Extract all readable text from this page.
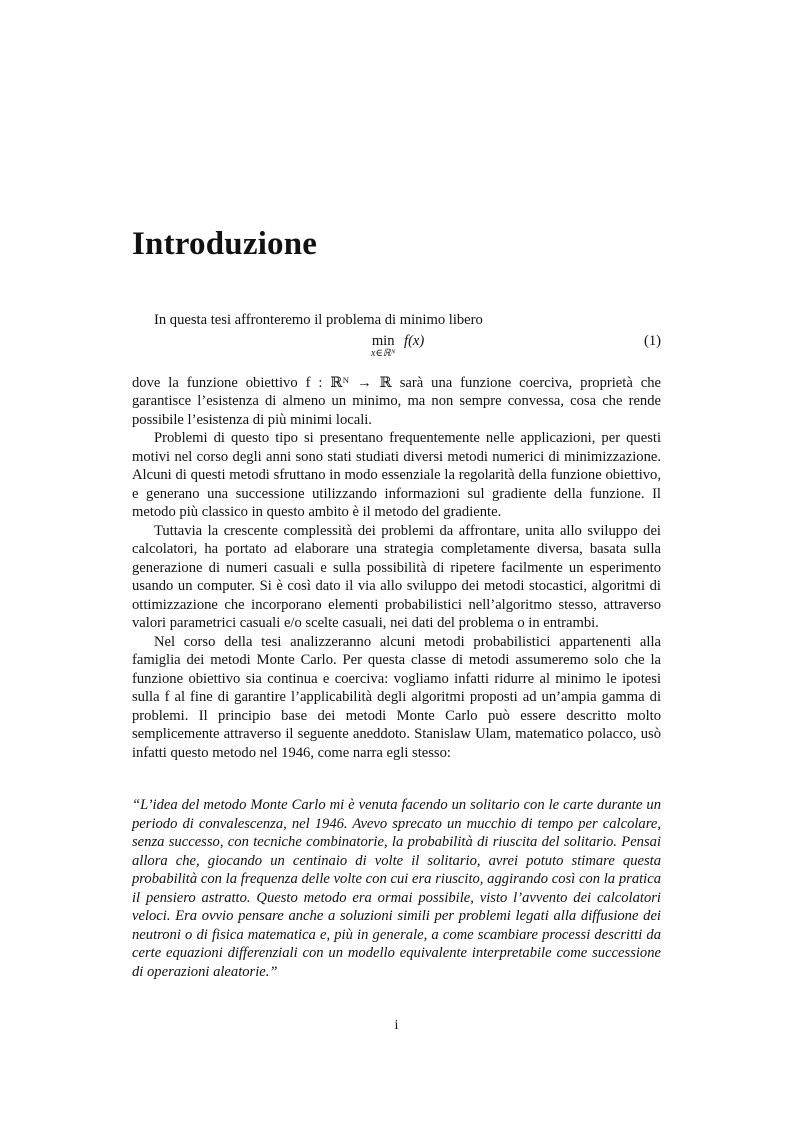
Introduzione

In questa tesi affronteremo il problema di minimo libero

min
x∈ℝᴺ
f(x)	(1)

dove la funzione obiettivo f : ℝᴺ → ℝ sarà una funzione coerciva, proprietà che garantisce l’esistenza di almeno un minimo, ma non sempre convessa, cosa che rende possibile l’esistenza di più minimi locali.

Problemi di questo tipo si presentano frequentemente nelle applicazioni, per questi motivi nel corso degli anni sono stati studiati diversi metodi numerici di minimizzazione. Alcuni di questi metodi sfruttano in modo essenziale la regolarità della funzione obiettivo, e generano una successione utilizzando informazioni sul gradiente della funzione. Il metodo più classico in questo ambito è il metodo del gradiente.

Tuttavia la crescente complessità dei problemi da affrontare, unita allo sviluppo dei calcolatori, ha portato ad elaborare una strategia completamente diversa, basata sulla generazione di numeri casuali e sulla possibilità di ripetere facilmente un esperimento usando un computer. Si è così dato il via allo sviluppo dei metodi stocastici, algoritmi di ottimizzazione che incorporano elementi probabilistici nell’algoritmo stesso, attraverso valori parametrici casuali e/o scelte casuali, nei dati del problema o in entrambi.

Nel corso della tesi analizzeranno alcuni metodi probabilistici appartenenti alla famiglia dei metodi Monte Carlo. Per questa classe di metodi assumeremo solo che la funzione obiettivo sia continua e coerciva: vogliamo infatti ridurre al minimo le ipotesi sulla f al fine di garantire l’applicabilità degli algoritmi proposti ad un’ampia gamma di problemi. Il principio base dei metodi Monte Carlo può essere descritto molto semplicemente attraverso il seguente aneddoto. Stanislaw Ulam, matematico polacco, usò infatti questo metodo nel 1946, come narra egli stesso:

“L’idea del metodo Monte Carlo mi è venuta facendo un solitario con le carte durante un periodo di convalescenza, nel 1946. Avevo sprecato un mucchio di tempo per calcolare, senza successo, con tecniche combinatorie, la probabilità di riuscita del solitario. Pensai allora che, giocando un centinaio di volte il solitario, avrei potuto stimare questa probabilità con la frequenza delle volte con cui era riuscito, aggirando così con la pratica il pensiero astratto. Questo metodo era ormai possibile, visto l’avvento dei calcolatori veloci. Era ovvio pensare anche a soluzioni simili per problemi legati alla diffusione dei neutroni o di fisica matematica e, più in generale, a come scambiare processi descritti da certe equazioni differenziali con un modello equivalente interpretabile come successione di operazioni aleatorie.”

i
